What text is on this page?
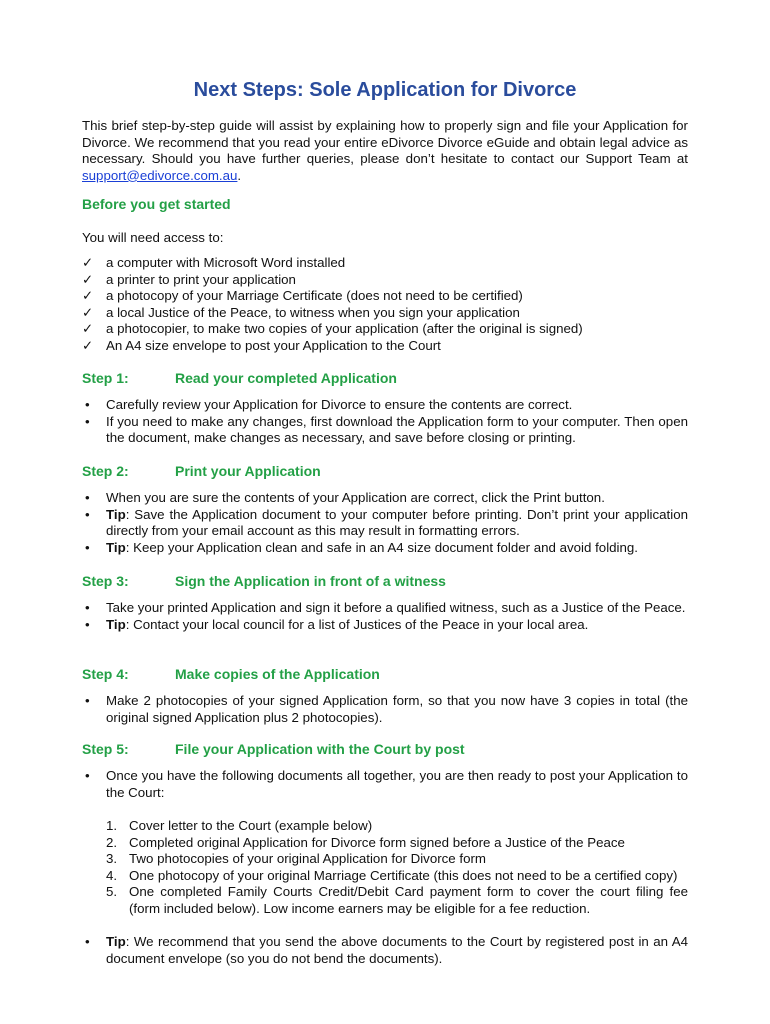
Next Steps: Sole Application for Divorce
This brief step-by-step guide will assist by explaining how to properly sign and file your Application for Divorce. We recommend that you read your entire eDivorce Divorce eGuide and obtain legal advice as necessary. Should you have further queries, please don’t hesitate to contact our Support Team at support@edivorce.com.au.
Before you get started
You will need access to:
✓ a computer with Microsoft Word installed
✓ a printer to print your application
✓ a photocopy of your Marriage Certificate (does not need to be certified)
✓ a local Justice of the Peace, to witness when you sign your application
✓ a photocopier, to make two copies of your application (after the original is signed)
✓ An A4 size envelope to post your Application to the Court
Step 1:	Read your completed Application
• Carefully review your Application for Divorce to ensure the contents are correct.
• If you need to make any changes, first download the Application form to your computer. Then open the document, make changes as necessary, and save before closing or printing.
Step 2:	Print your Application
• When you are sure the contents of your Application are correct, click the Print button.
• Tip: Save the Application document to your computer before printing. Don’t print your application directly from your email account as this may result in formatting errors.
• Tip: Keep your Application clean and safe in an A4 size document folder and avoid folding.
Step 3:	Sign the Application in front of a witness
• Take your printed Application and sign it before a qualified witness, such as a Justice of the Peace.
• Tip: Contact your local council for a list of Justices of the Peace in your local area.
Step 4:	Make copies of the Application
• Make 2 photocopies of your signed Application form, so that you now have 3 copies in total (the original signed Application plus 2 photocopies).
Step 5:	File your Application with the Court by post
• Once you have the following documents all together, you are then ready to post your Application to the Court:
1. Cover letter to the Court (example below)
2. Completed original Application for Divorce form signed before a Justice of the Peace
3. Two photocopies of your original Application for Divorce form
4. One photocopy of your original Marriage Certificate (this does not need to be a certified copy)
5. One completed Family Courts Credit/Debit Card payment form to cover the court filing fee (form included below). Low income earners may be eligible for a fee reduction.
• Tip: We recommend that you send the above documents to the Court by registered post in an A4 document envelope (so you do not bend the documents).
